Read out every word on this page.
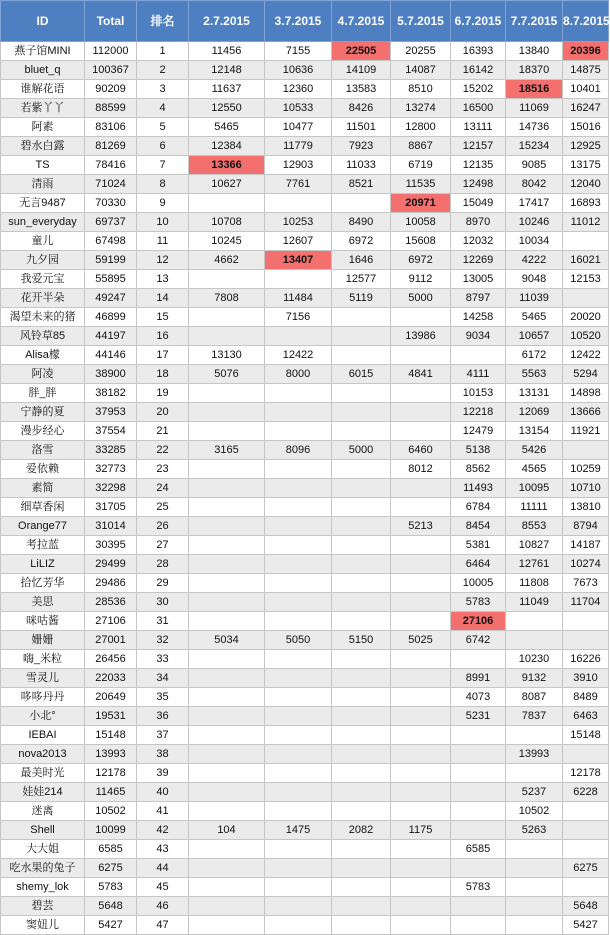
ID	Total	排名	2.7.2015	3.7.2015	4.7.2015	5.7.2015	6.7.2015	7.7.2015	8.7.2015
燕子馆MINI	112000	1	11456	7155	22505	20255	16393	13840	20396
bluet_q	100367	2	12148	10636	14109	14087	16142	18370	14875
谁解花语	90209	3	11637	12360	13583	8510	15202	18516	10401
若紫丫丫	88599	4	12550	10533	8426	13274	16500	11069	16247
阿素	83106	5	5465	10477	11501	12800	13111	14736	15016
碧水白露	81269	6	12384	11779	7923	8867	12157	15234	12925
TS	78416	7	13366	12903	11033	6719	12135	9085	13175
清雨	71024	8	10627	7761	8521	11535	12498	8042	12040
无言9487	70330	9				20971	15049	17417	16893
sun_everyday	69737	10	10708	10253	8490	10058	8970	10246	11012
童儿	67498	11	10245	12607	6972	15608	12032	10034	
九夕园	59199	12	4662	13407	1646	6972	12269	4222	16021
我爱元宝	55895	13			12577	9112	13005	9048	12153
花开半朵	49247	14	7808	11484	5119	5000	8797	11039	
渴望未来的猪	46899	15		7156			14258	5465	20020
风铃草85	44197	16				13986	9034	10657	10520
Alisa檬	44146	17	13130	12422				6172	12422
阿凌	38900	18	5076	8000	6015	4841	4111	5563	5294
胖_胖	38182	19					10153	13131	14898
宁静的夏	37953	20					12218	12069	13666
漫步经心	37554	21					12479	13154	11921
洛雪	33285	22	3165	8096	5000	6460	5138	5426	
爱依赖	32773	23				8012	8562	4565	10259
素简	32298	24					11493	10095	10710
细草香闲	31705	25					6784	11111	13810
Orange77	31014	26				5213	8454	8553	8794
考拉蓝	30395	27					5381	10827	14187
LiLIZ	29499	28					6464	12761	10274
拾忆芳华	29486	29					10005	11808	7673
美思	28536	30					5783	11049	11704
咪咕酱	27106	31					27106		
姗姗	27001	32	5034	5050	5150	5025	6742		
嗨_米粒	26456	33						10230	16226
雪灵儿	22033	34					8991	9132	3910
哆哆丹丹	20649	35					4073	8087	8489
小北°	19531	36					5231	7837	6463
IEBAI	15148	37							15148
nova2013	13993	38						13993	
最美时光	12178	39							12178
娃娃214	11465	40						5237	6228
迷离	10502	41						10502	
Shell	10099	42	104	1475	2082	1175		5263	
大大姐	6585	43					6585		
吃水果的兔子	6275	44							6275
shemy_lok	5783	45					5783		
碧芸	5648	46							5648
窦妞儿	5427	47							5427
